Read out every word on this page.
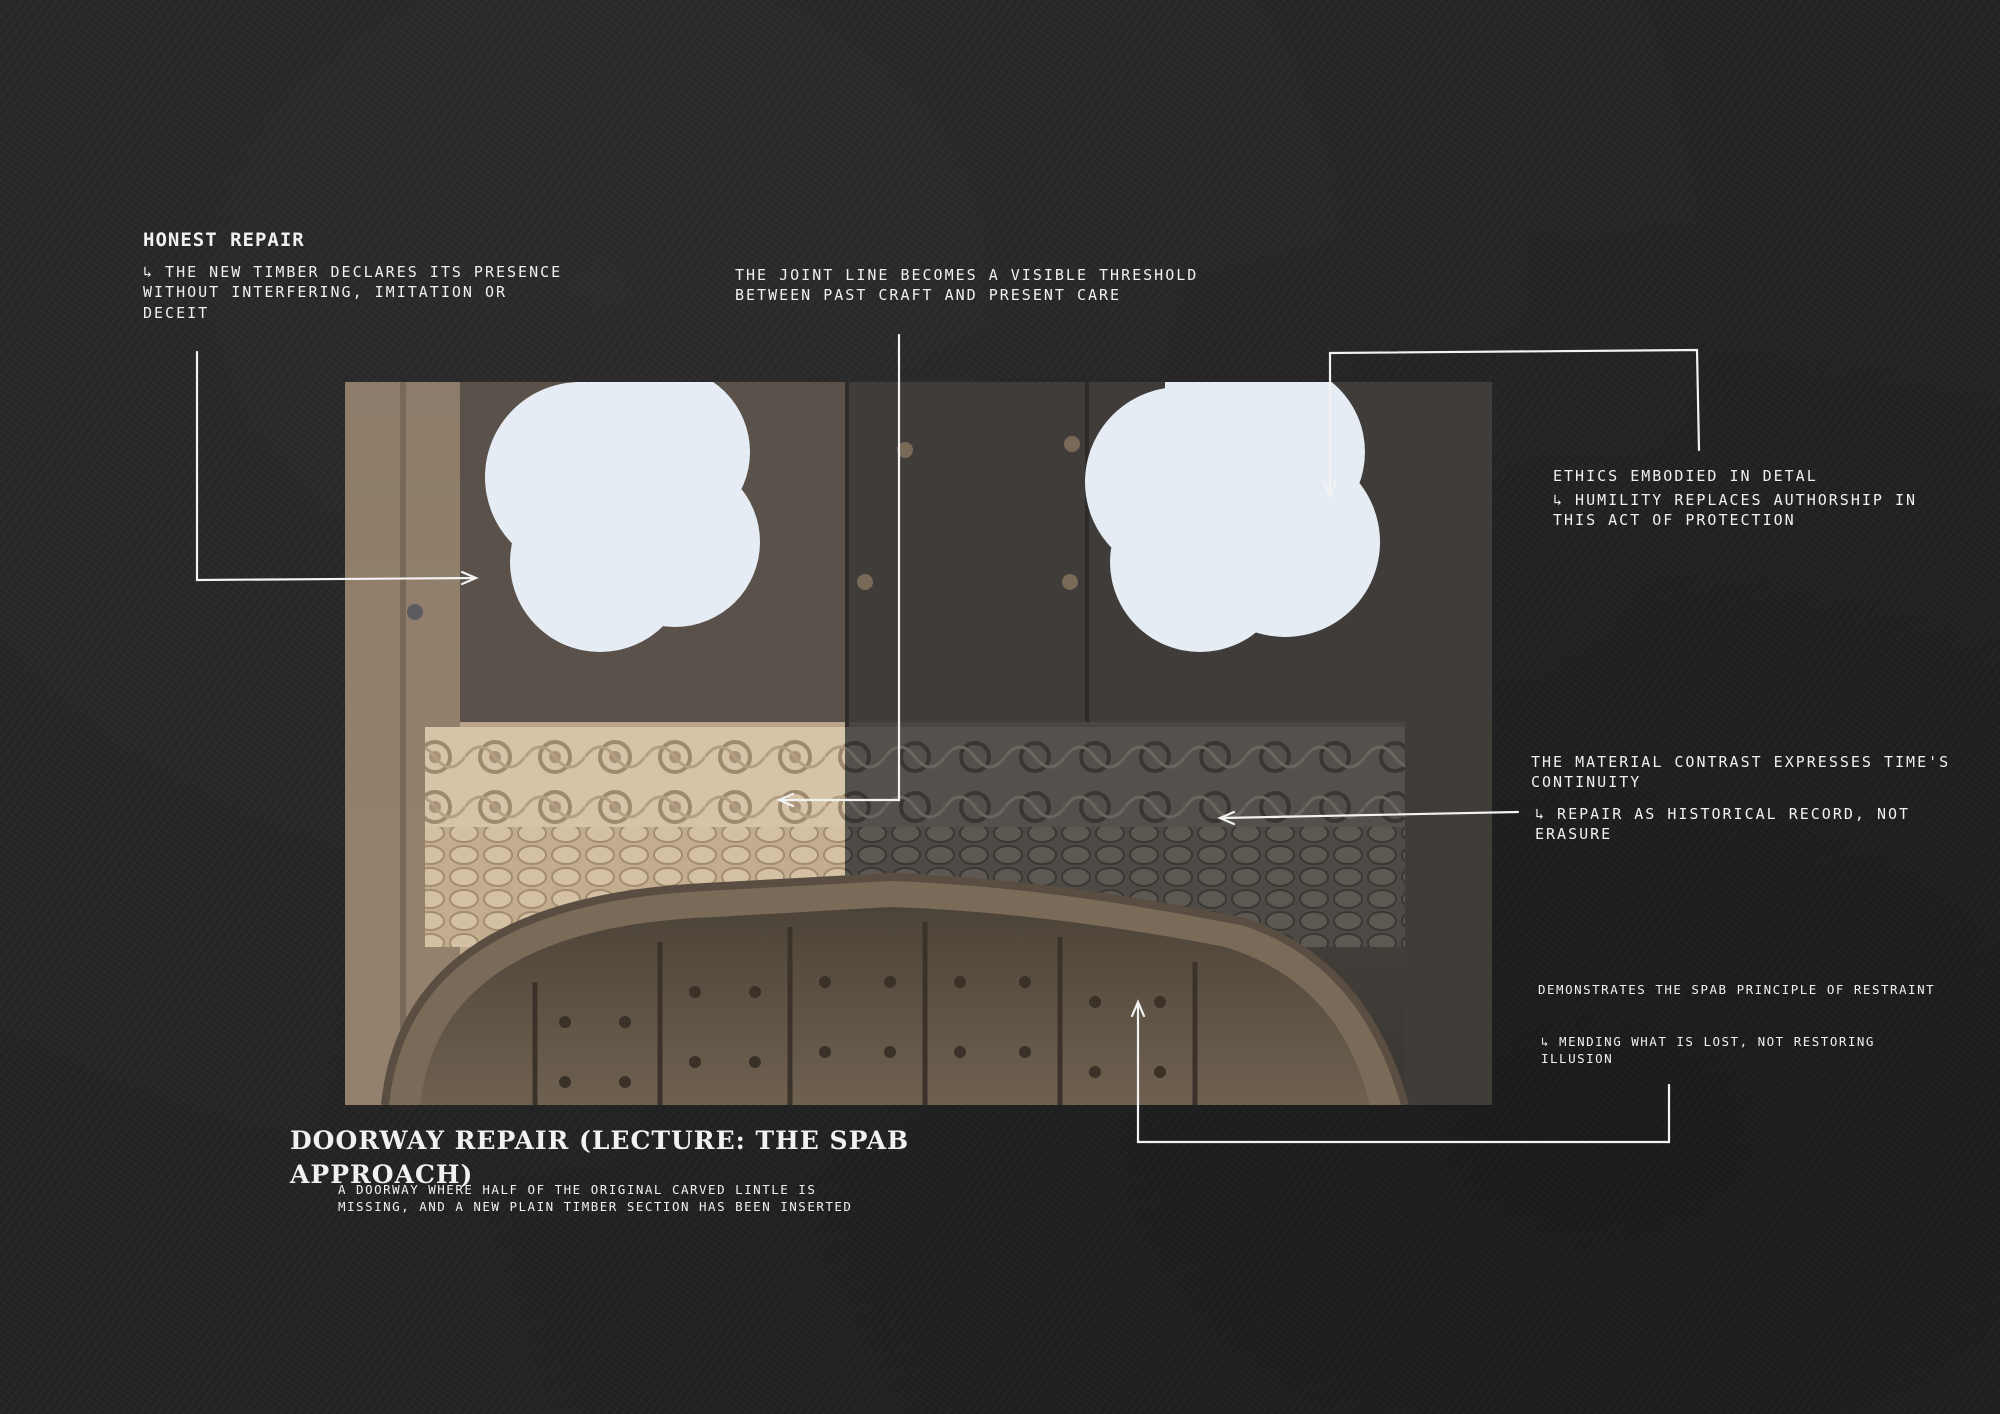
HONEST REPAIR
↳ THE NEW TIMBER DECLARES ITS PRESENCE WITHOUT INTERFERING, IMITATION OR DECEIT
THE JOINT LINE BECOMES A VISIBLE THRESHOLD BETWEEN PAST CRAFT AND PRESENT CARE
ETHICS EMBODIED IN DETAL
↳ HUMILITY REPLACES AUTHORSHIP IN THIS ACT OF PROTECTION
THE MATERIAL CONTRAST EXPRESSES TIME'S CONTINUITY
↳ REPAIR AS HISTORICAL RECORD, NOT ERASURE
DEMONSTRATES THE SPAB PRINCIPLE OF RESTRAINT
↳ MENDING WHAT IS LOST, NOT RESTORING ILLUSION
DOORWAY REPAIR (LECTURE: THE SPAB APPROACH)
A DOORWAY WHERE HALF OF THE ORIGINAL CARVED LINTLE IS MISSING, AND A NEW PLAIN TIMBER SECTION HAS BEEN INSERTED
